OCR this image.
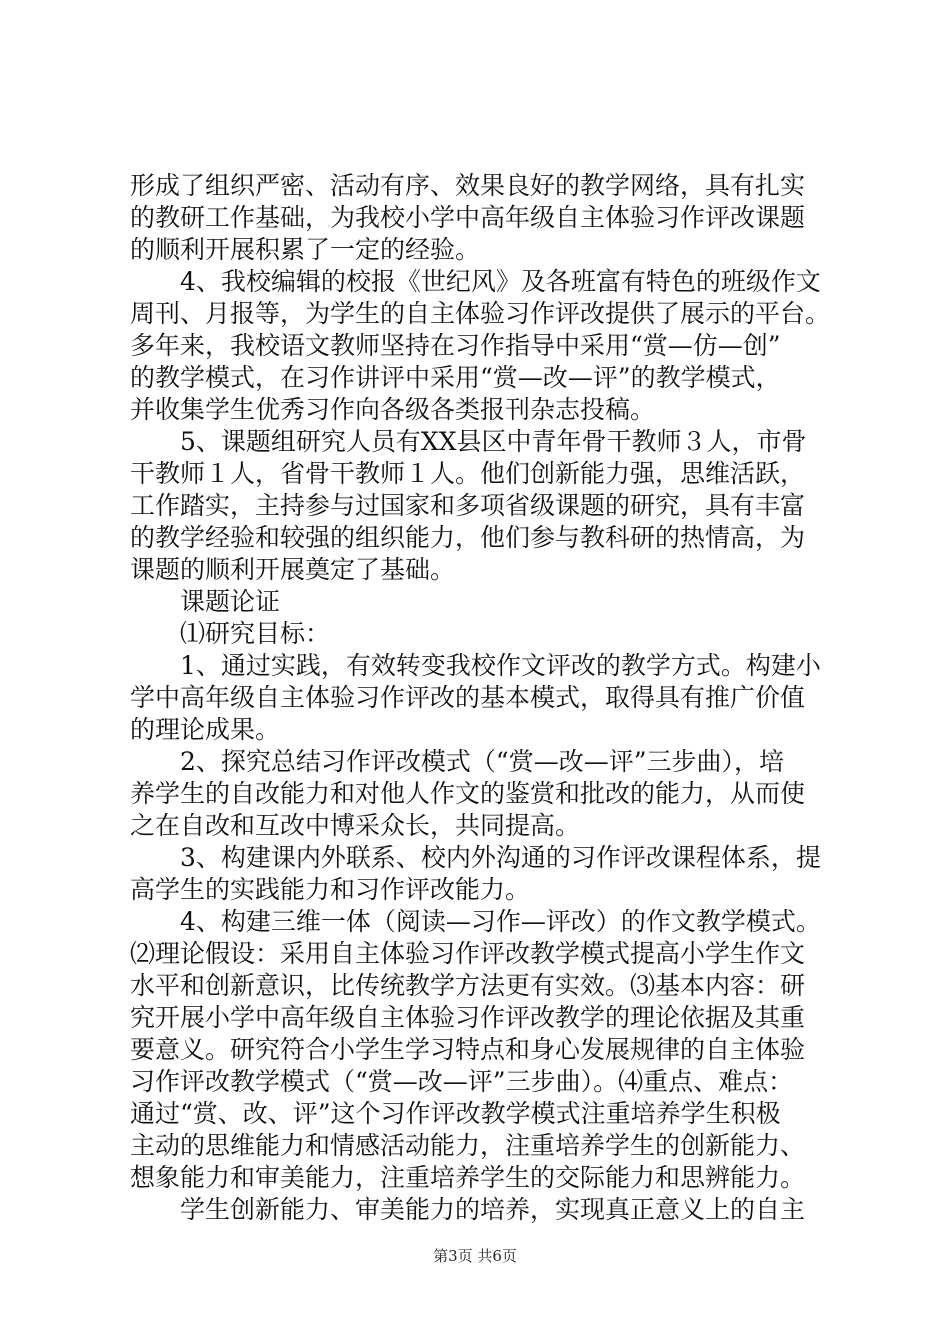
形成了组织严密、活动有序、效果良好的教学网络，具有扎实
的教研工作基础，为我校小学中高年级自主体验习作评改课题
的顺利开展积累了一定的经验。
　　4、我校编辑的校报《世纪风》及各班富有特色的班级作文
周刊、月报等，为学生的自主体验习作评改提供了展示的平台。
多年来，我校语文教师坚持在习作指导中采用“赏—仿—创”
的教学模式，在习作讲评中采用“赏—改—评”的教学模式，
并收集学生优秀习作向各级各类报刊杂志投稿。
　　5、课题组研究人员有XX县区中青年骨干教师３人，市骨
干教师１人，省骨干教师１人。他们创新能力强，思维活跃，
工作踏实，主持参与过国家和多项省级课题的研究，具有丰富
的教学经验和较强的组织能力，他们参与教科研的热情高，为
课题的顺利开展奠定了基础。
　　课题论证
　　⑴研究目标：
　　1、通过实践，有效转变我校作文评改的教学方式。构建小
学中高年级自主体验习作评改的基本模式，取得具有推广价值
的理论成果。
　　2、探究总结习作评改模式（“赏—改—评”三步曲），培
养学生的自改能力和对他人作文的鉴赏和批改的能力，从而使
之在自改和互改中博采众长，共同提高。
　　3、构建课内外联系、校内外沟通的习作评改课程体系，提
高学生的实践能力和习作评改能力。
　　4、构建三维一体（阅读—习作—评改）的作文教学模式。
⑵理论假设：采用自主体验习作评改教学模式提高小学生作文
水平和创新意识，比传统教学方法更有实效。⑶基本内容：研
究开展小学中高年级自主体验习作评改教学的理论依据及其重
要意义。研究符合小学生学习特点和身心发展规律的自主体验
习作评改教学模式（“赏—改—评”三步曲）。⑷重点、难点：
通过“赏、改、评”这个习作评改教学模式注重培养学生积极
主动的思维能力和情感活动能力，注重培养学生的创新能力、
想象能力和审美能力，注重培养学生的交际能力和思辨能力。
　　学生创新能力、审美能力的培养，实现真正意义上的自主
第3页 共6页
